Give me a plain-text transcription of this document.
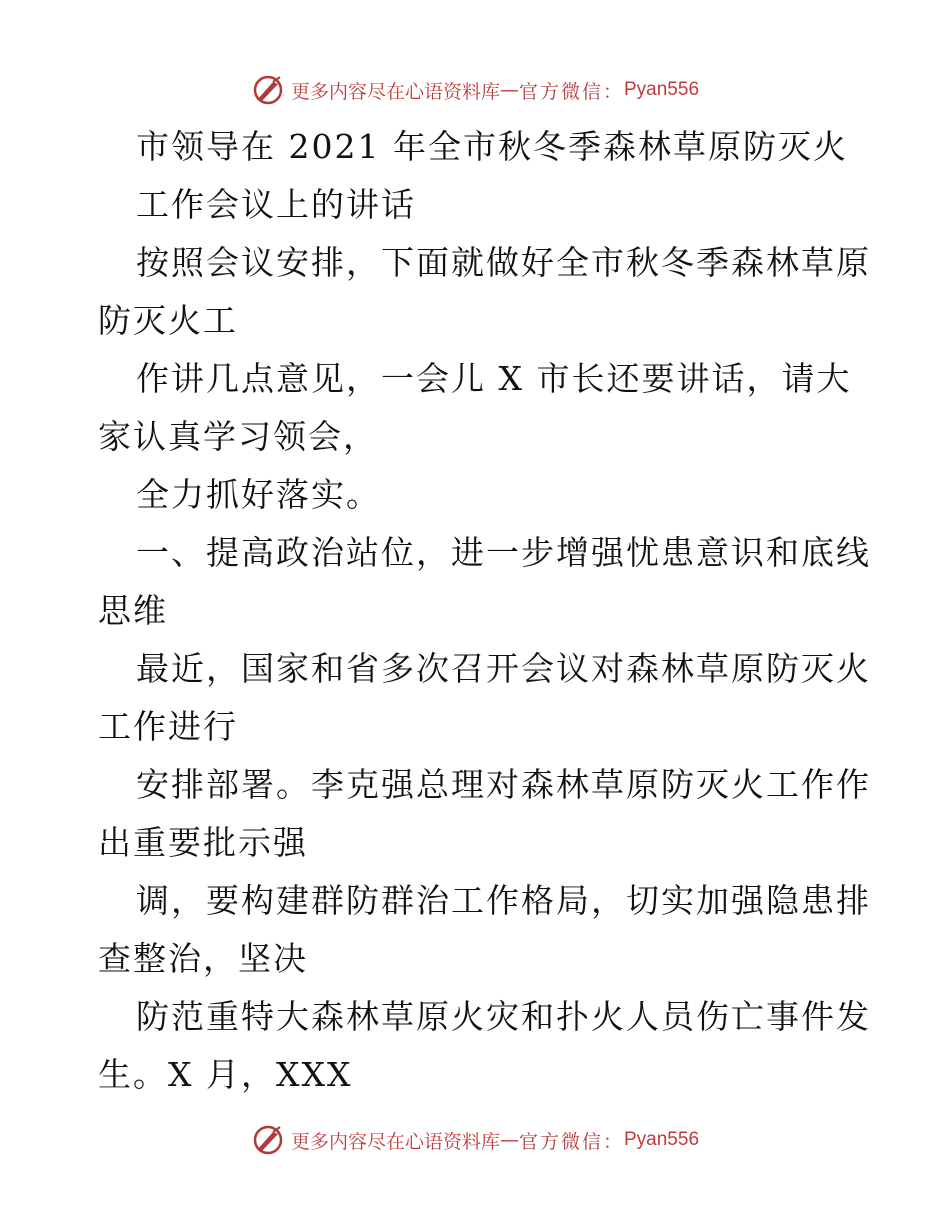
更多内容尽在心语资料库 — 官方微信： Pyan556

市领导在 2021 年全市秋冬季森林草原防灭火

工作会议上的讲话

按照会议安排，下面就做好全市秋冬季森林草原

防灭火工

作讲几点意见，一会儿 X 市长还要讲话，请大

家认真学习领会，

全力抓好落实。

一、提高政治站位，进一步增强忧患意识和底线

思维

最近，国家和省多次召开会议对森林草原防灭火

工作进行

安排部署。李克强总理对森林草原防灭火工作作

出重要批示强

调，要构建群防群治工作格局，切实加强隐患排

查整治，坚决

防范重特大森林草原火灾和扑火人员伤亡事件发

生。X 月，XXX

更多内容尽在心语资料库 — 官方微信： Pyan556
